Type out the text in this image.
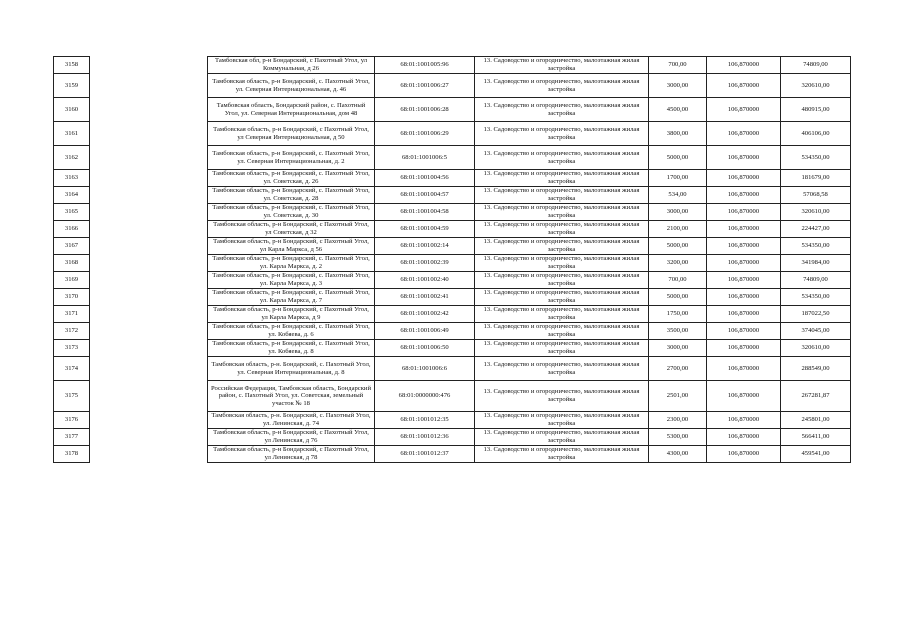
3158		Тамбовская обл, р-н Бондарский, с Пахотный Угол, ул Коммунальная, д 26	68:01:1001005:96	13. Садоводство и огородничество, малоэтажная жилая застройка	700,00	106,870000	74809,00
3159		Тамбовская область, р-н Бондарский, с. Пахотный Угол, ул. Северная Интернациональная, д. 46	68:01:1001006:27	13. Садоводство и огородничество, малоэтажная жилая застройка	3000,00	106,870000	320610,00
3160		Тамбовская область, Бондарский район, с. Пахотный Угол, ул. Северная Интернациональная, дом 48	68:01:1001006:28	13. Садоводство и огородничество, малоэтажная жилая застройка	4500,00	106,870000	480915,00
3161		Тамбовская область, р-н Бондарский, с Пахотный Угол, ул Северная Интернациональная, д 50	68:01:1001006:29	13. Садоводство и огородничество, малоэтажная жилая застройка	3800,00	106,870000	406106,00
3162		Тамбовская область, р-н Бондарский, с. Пахотный Угол, ул. Северная Интернациональная, д. 2	68:01:1001006:5	13. Садоводство и огородничество, малоэтажная жилая застройка	5000,00	106,870000	534350,00
3163		Тамбовская область, р-н Бондарский, с. Пахотный Угол, ул. Советская, д. 26	68:01:1001004:56	13. Садоводство и огородничество, малоэтажная жилая застройка	1700,00	106,870000	181679,00
3164		Тамбовская область, р-н Бондарский, с. Пахотный Угол, ул. Советская, д. 28	68:01:1001004:57	13. Садоводство и огородничество, малоэтажная жилая застройка	534,00	106,870000	57068,58
3165		Тамбовская область, р-н Бондарский, с. Пахотный Угол, ул. Советская, д. 30	68:01:1001004:58	13. Садоводство и огородничество, малоэтажная жилая застройка	3000,00	106,870000	320610,00
3166		Тамбовская область, р-н Бондарский, с Пахотный Угол, ул Советская, д 32	68:01:1001004:59	13. Садоводство и огородничество, малоэтажная жилая застройка	2100,00	106,870000	224427,00
3167		Тамбовская область, р-н Бондарский, с Пахотный Угол, ул Карла Маркса, д 56	68:01:1001002:14	13. Садоводство и огородничество, малоэтажная жилая застройка	5000,00	106,870000	534350,00
3168		Тамбовская область, р-н Бондарский, с. Пахотный Угол, ул. Карла Маркса, д. 2	68:01:1001002:39	13. Садоводство и огородничество, малоэтажная жилая застройка	3200,00	106,870000	341984,00
3169		Тамбовская область, р-н Бондарский, с. Пахотный Угол, ул. Карла Маркса, д. 3	68:01:1001002:40	13. Садоводство и огородничество, малоэтажная жилая застройка	700,00	106,870000	74809,00
3170		Тамбовская область, р-н Бондарский, с. Пахотный Угол, ул. Карла Маркса, д. 7	68:01:1001002:41	13. Садоводство и огородничество, малоэтажная жилая застройка	5000,00	106,870000	534350,00
3171		Тамбовская область, р-н Бондарский, с Пахотный Угол, ул Карла Маркса, д 9	68:01:1001002:42	13. Садоводство и огородничество, малоэтажная жилая застройка	1750,00	106,870000	187022,50
3172		Тамбовская область, р-н Бондарский, с. Пахотный Угол, ул. Кобяева, д. 6	68:01:1001006:49	13. Садоводство и огородничество, малоэтажная жилая застройка	3500,00	106,870000	374045,00
3173		Тамбовская область, р-н Бондарский, с. Пахотный Угол, ул. Кобяева, д. 8	68:01:1001006:50	13. Садоводство и огородничество, малоэтажная жилая застройка	3000,00	106,870000	320610,00
3174		Тамбовская область, р-н. Бондарский, с. Пахотный Угол, ул. Северная Интернациональная, д. 8	68:01:1001006:6	13. Садоводство и огородничество, малоэтажная жилая застройка	2700,00	106,870000	288549,00
3175		Российская Федерация, Тамбовская область, Бондарский район, с. Пахотный Угол, ул. Советская, земельный участок № 18	68:01:0000000:476	13. Садоводство и огородничество, малоэтажная жилая застройка	2501,00	106,870000	267281,87
3176		Тамбовская область, р-н. Бондарский, с. Пахотный Угол, ул. Ленинская, д. 74	68:01:1001012:35	13. Садоводство и огородничество, малоэтажная жилая застройка	2300,00	106,870000	245801,00
3177		Тамбовская область, р-н Бондарский, с Пахотный Угол, ул Ленинская, д 76	68:01:1001012:36	13. Садоводство и огородничество, малоэтажная жилая застройка	5300,00	106,870000	566411,00
3178		Тамбовская область, р-н Бондарский, с Пахотный Угол, ул Ленинская, д 78	68:01:1001012:37	13. Садоводство и огородничество, малоэтажная жилая застройка	4300,00	106,870000	459541,00
